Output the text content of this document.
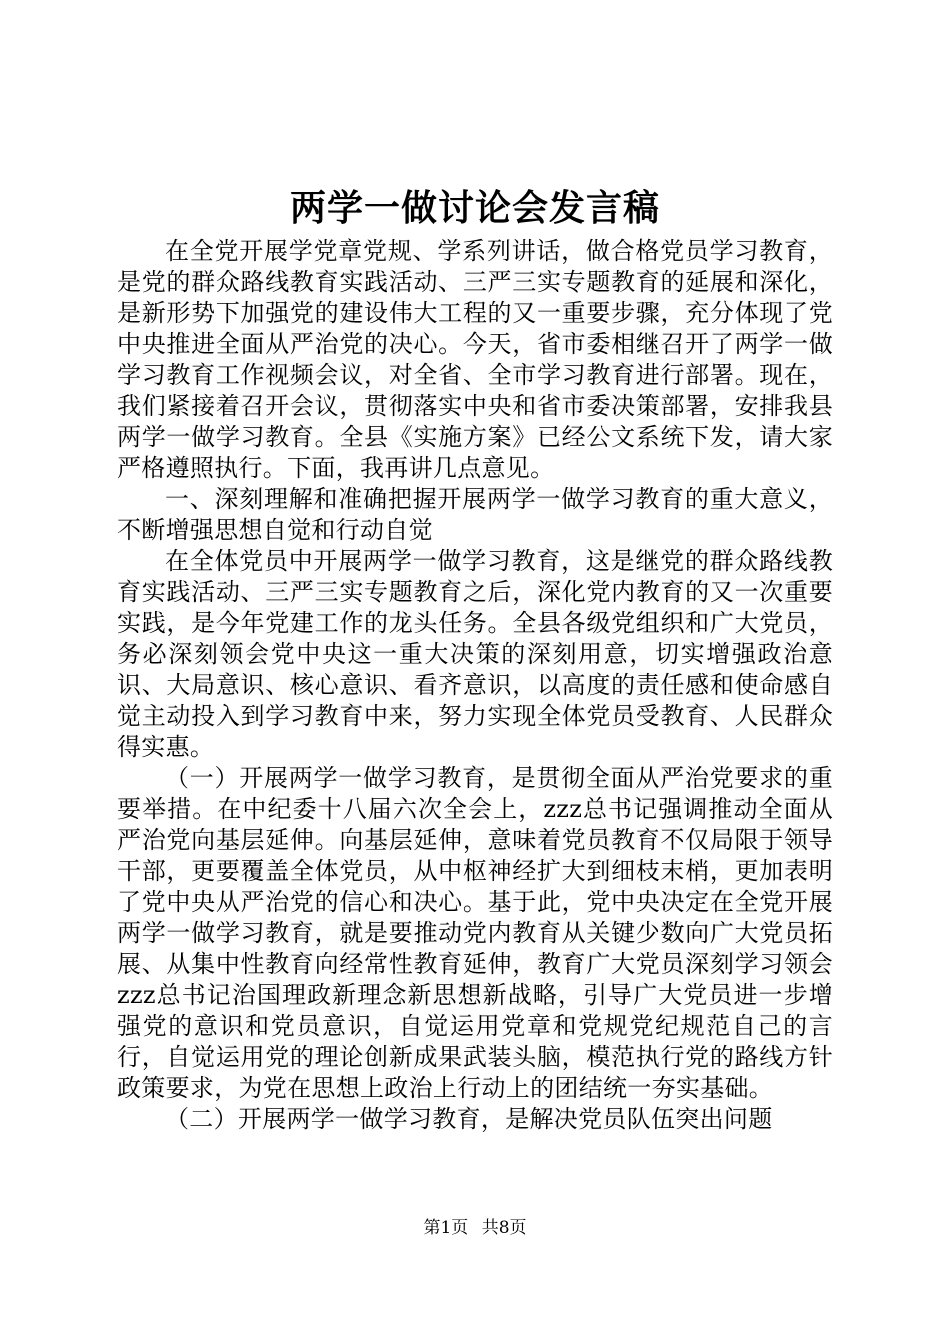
两学一做讨论会发言稿

在全党开展学党章党规、学系列讲话，做合格党员学习教育，是党的群众路线教育实践活动、三严三实专题教育的延展和深化，是新形势下加强党的建设伟大工程的又一重要步骤，充分体现了党中央推进全面从严治党的决心。今天，省市委相继召开了两学一做学习教育工作视频会议，对全省、全市学习教育进行部署。现在，我们紧接着召开会议，贯彻落实中央和省市委决策部署，安排我县两学一做学习教育。全县《实施方案》已经公文系统下发，请大家严格遵照执行。下面，我再讲几点意见。

一、深刻理解和准确把握开展两学一做学习教育的重大意义，不断增强思想自觉和行动自觉

在全体党员中开展两学一做学习教育，这是继党的群众路线教育实践活动、三严三实专题教育之后，深化党内教育的又一次重要实践，是今年党建工作的龙头任务。全县各级党组织和广大党员，务必深刻领会党中央这一重大决策的深刻用意，切实增强政治意识、大局意识、核心意识、看齐意识，以高度的责任感和使命感自觉主动投入到学习教育中来，努力实现全体党员受教育、人民群众得实惠。

（一）开展两学一做学习教育，是贯彻全面从严治党要求的重要举措。在中纪委十八届六次全会上，zzz总书记强调推动全面从严治党向基层延伸。向基层延伸，意味着党员教育不仅局限于领导干部，更要覆盖全体党员，从中枢神经扩大到细枝末梢，更加表明了党中央从严治党的信心和决心。基于此，党中央决定在全党开展两学一做学习教育，就是要推动党内教育从关键少数向广大党员拓展、从集中性教育向经常性教育延伸，教育广大党员深刻学习领会zzz总书记治国理政新理念新思想新战略，引导广大党员进一步增强党的意识和党员意识，自觉运用党章和党规党纪规范自己的言行，自觉运用党的理论创新成果武装头脑，模范执行党的路线方针政策要求，为党在思想上政治上行动上的团结统一夯实基础。

（二）开展两学一做学习教育，是解决党员队伍突出问题

第1页 共8页
